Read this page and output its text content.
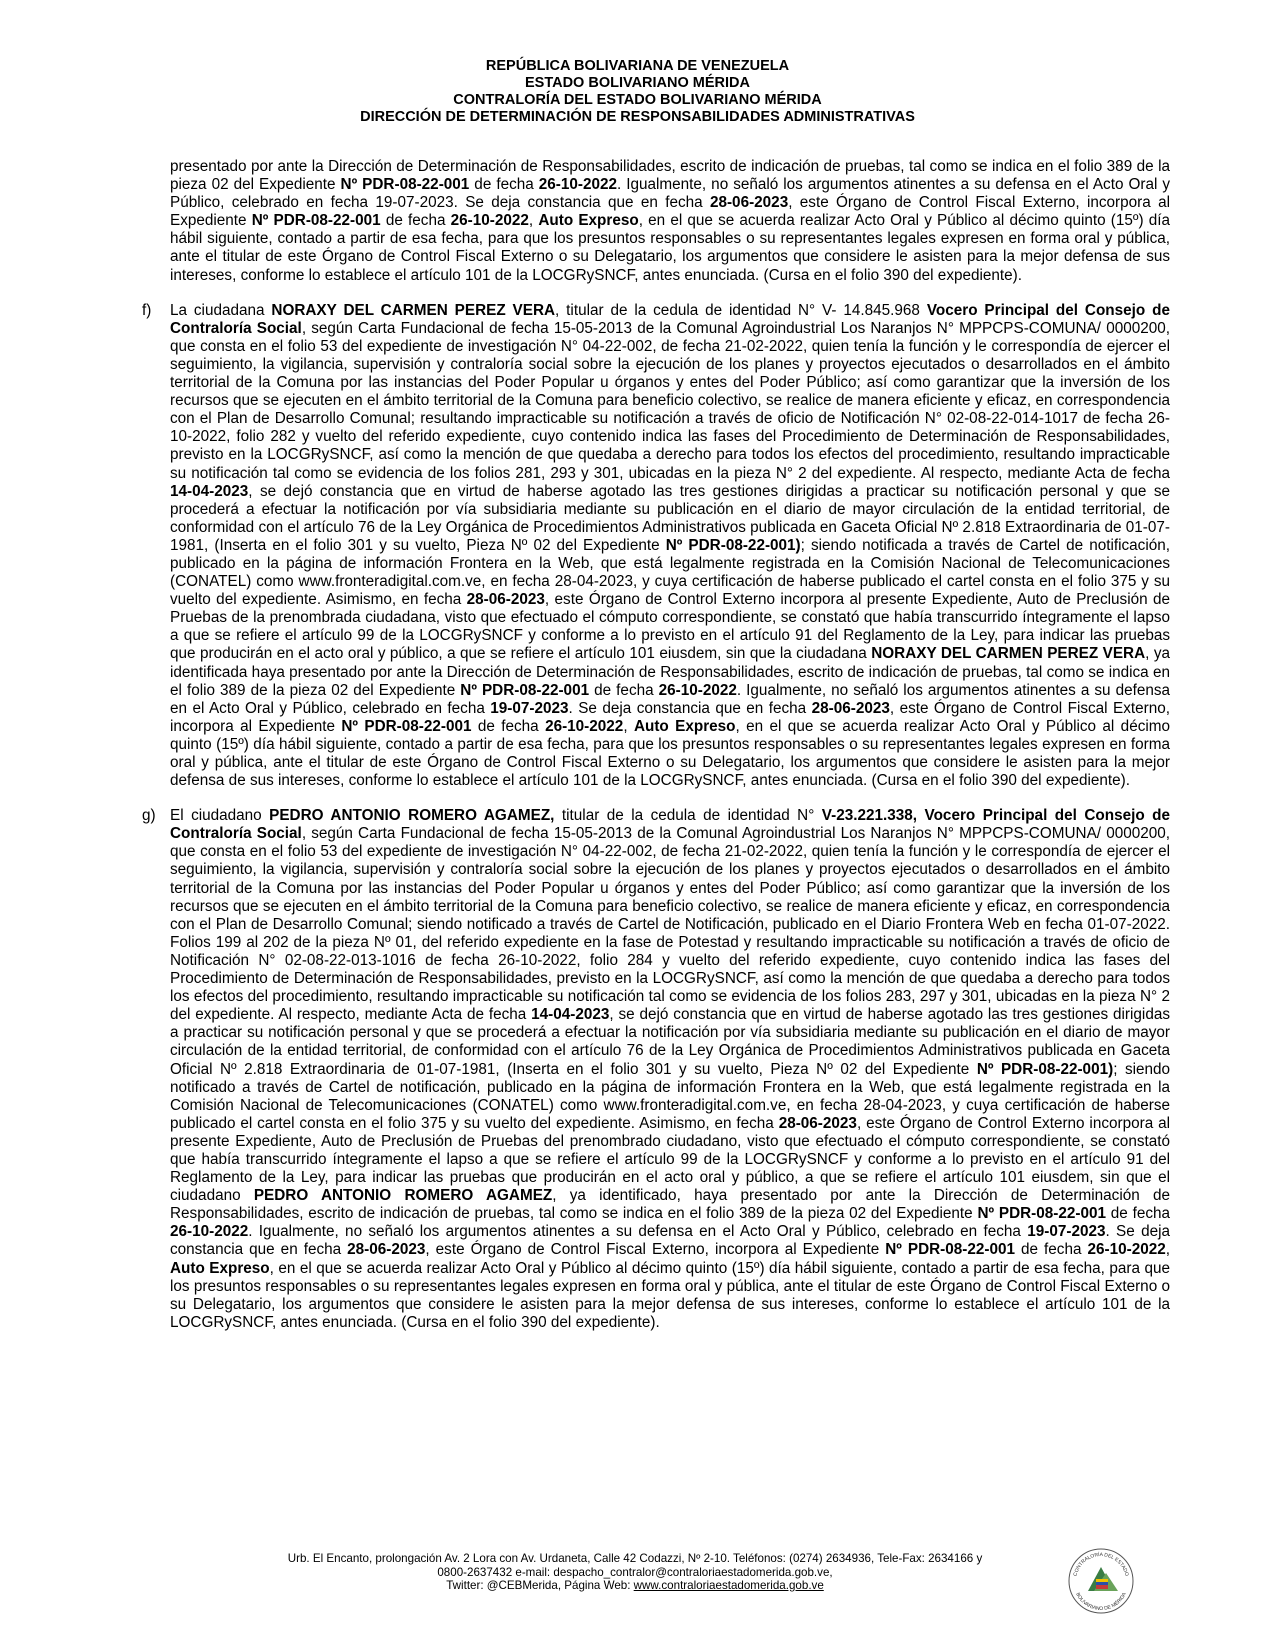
REPÚBLICA BOLIVARIANA DE VENEZUELA
ESTADO BOLIVARIANO MÉRIDA
CONTRALORÍA DEL ESTADO BOLIVARIANO MÉRIDA
DIRECCIÓN DE DETERMINACIÓN DE RESPONSABILIDADES ADMINISTRATIVAS

presentado por ante la Dirección de Determinación de Responsabilidades, escrito de indicación de pruebas, tal como se indica en el folio 389 de la pieza 02 del Expediente Nº PDR-08-22-001 de fecha 26-10-2022. Igualmente, no señaló los argumentos atinentes a su defensa en el Acto Oral y Público, celebrado en fecha 19-07-2023. Se deja constancia que en fecha 28-06-2023, este Órgano de Control Fiscal Externo, incorpora al Expediente Nº PDR-08-22-001 de fecha 26-10-2022, Auto Expreso, en el que se acuerda realizar Acto Oral y Público al décimo quinto (15º) día hábil siguiente, contado a partir de esa fecha, para que los presuntos responsables o su representantes legales expresen en forma oral y pública, ante el titular de este Órgano de Control Fiscal Externo o su Delegatario, los argumentos que considere le asisten para la mejor defensa de sus intereses, conforme lo establece el artículo 101 de la LOCGRySNCF, antes enunciada. (Cursa en el folio 390 del expediente).

f) La ciudadana NORAXY DEL CARMEN PEREZ VERA, titular de la cedula de identidad N° V- 14.845.968 Vocero Principal del Consejo de Contraloría Social, según Carta Fundacional de fecha 15-05-2013 de la Comunal Agroindustrial Los Naranjos N° MPPCPS-COMUNA/ 0000200, que consta en el folio 53 del expediente de investigación N° 04-22-002, de fecha 21-02-2022, quien tenía la función y le correspondía de ejercer el seguimiento, la vigilancia, supervisión y contraloría social sobre la ejecución de los planes y proyectos ejecutados o desarrollados en el ámbito territorial de la Comuna por las instancias del Poder Popular u órganos y entes del Poder Público; así como garantizar que la inversión de los recursos que se ejecuten en el ámbito territorial de la Comuna para beneficio colectivo, se realice de manera eficiente y eficaz, en correspondencia con el Plan de Desarrollo Comunal; resultando impracticable su notificación a través de oficio de Notificación N° 02-08-22-014-1017 de fecha 26-10-2022, folio 282 y vuelto del referido expediente, cuyo contenido indica las fases del Procedimiento de Determinación de Responsabilidades, previsto en la LOCGRySNCF, así como la mención de que quedaba a derecho para todos los efectos del procedimiento, resultando impracticable su notificación tal como se evidencia de los folios 281, 293 y 301, ubicadas en la pieza N° 2 del expediente. Al respecto, mediante Acta de fecha 14-04-2023, se dejó constancia que en virtud de haberse agotado las tres gestiones dirigidas a practicar su notificación personal y que se procederá a efectuar la notificación por vía subsidiaria mediante su publicación en el diario de mayor circulación de la entidad territorial, de conformidad con el artículo 76 de la Ley Orgánica de Procedimientos Administrativos publicada en Gaceta Oficial Nº 2.818 Extraordinaria de 01-07-1981, (Inserta en el folio 301 y su vuelto, Pieza Nº 02 del Expediente Nº PDR-08-22-001); siendo notificada a través de Cartel de notificación, publicado en la página de información Frontera en la Web, que está legalmente registrada en la Comisión Nacional de Telecomunicaciones (CONATEL) como www.fronteradigital.com.ve, en fecha 28-04-2023, y cuya certificación de haberse publicado el cartel consta en el folio 375 y su vuelto del expediente. Asimismo, en fecha 28-06-2023, este Órgano de Control Externo incorpora al presente Expediente, Auto de Preclusión de Pruebas de la prenombrada ciudadana, visto que efectuado el cómputo correspondiente, se constató que había transcurrido íntegramente el lapso a que se refiere el artículo 99 de la LOCGRySNCF y conforme a lo previsto en el artículo 91 del Reglamento de la Ley, para indicar las pruebas que producirán en el acto oral y público, a que se refiere el artículo 101 eiusdem, sin que la ciudadana NORAXY DEL CARMEN PEREZ VERA, ya identificada haya presentado por ante la Dirección de Determinación de Responsabilidades, escrito de indicación de pruebas, tal como se indica en el folio 389 de la pieza 02 del Expediente Nº PDR-08-22-001 de fecha 26-10-2022. Igualmente, no señaló los argumentos atinentes a su defensa en el Acto Oral y Público, celebrado en fecha 19-07-2023. Se deja constancia que en fecha 28-06-2023, este Órgano de Control Fiscal Externo, incorpora al Expediente Nº PDR-08-22-001 de fecha 26-10-2022, Auto Expreso, en el que se acuerda realizar Acto Oral y Público al décimo quinto (15º) día hábil siguiente, contado a partir de esa fecha, para que los presuntos responsables o su representantes legales expresen en forma oral y pública, ante el titular de este Órgano de Control Fiscal Externo o su Delegatario, los argumentos que considere le asisten para la mejor defensa de sus intereses, conforme lo establece el artículo 101 de la LOCGRySNCF, antes enunciada. (Cursa en el folio 390 del expediente).
g) El ciudadano PEDRO ANTONIO ROMERO AGAMEZ, titular de la cedula de identidad N° V-23.221.338, Vocero Principal del Consejo de Contraloría Social, según Carta Fundacional de fecha 15-05-2013 de la Comunal Agroindustrial Los Naranjos N° MPPCPS-COMUNA/ 0000200, que consta en el folio 53 del expediente de investigación N° 04-22-002, de fecha 21-02-2022, quien tenía la función y le correspondía de ejercer el seguimiento, la vigilancia, supervisión y contraloría social sobre la ejecución de los planes y proyectos ejecutados o desarrollados en el ámbito territorial de la Comuna por las instancias del Poder Popular u órganos y entes del Poder Público; así como garantizar que la inversión de los recursos que se ejecuten en el ámbito territorial de la Comuna para beneficio colectivo, se realice de manera eficiente y eficaz, en correspondencia con el Plan de Desarrollo Comunal; siendo notificado a través de Cartel de Notificación, publicado en el Diario Frontera Web en fecha 01-07-2022. Folios 199 al 202 de la pieza Nº 01, del referido expediente en la fase de Potestad y resultando impracticable su notificación a través de oficio de Notificación N° 02-08-22-013-1016 de fecha 26-10-2022, folio 284 y vuelto del referido expediente, cuyo contenido indica las fases del Procedimiento de Determinación de Responsabilidades, previsto en la LOCGRySNCF, así como la mención de que quedaba a derecho para todos los efectos del procedimiento, resultando impracticable su notificación tal como se evidencia de los folios 283, 297 y 301, ubicadas en la pieza N° 2 del expediente. Al respecto, mediante Acta de fecha 14-04-2023, se dejó constancia que en virtud de haberse agotado las tres gestiones dirigidas a practicar su notificación personal y que se procederá a efectuar la notificación por vía subsidiaria mediante su publicación en el diario de mayor circulación de la entidad territorial, de conformidad con el artículo 76 de la Ley Orgánica de Procedimientos Administrativos publicada en Gaceta Oficial Nº 2.818 Extraordinaria de 01-07-1981, (Inserta en el folio 301 y su vuelto, Pieza Nº 02 del Expediente Nº PDR-08-22-001); siendo notificado a través de Cartel de notificación, publicado en la página de información Frontera en la Web, que está legalmente registrada en la Comisión Nacional de Telecomunicaciones (CONATEL) como www.fronteradigital.com.ve, en fecha 28-04-2023, y cuya certificación de haberse publicado el cartel consta en el folio 375 y su vuelto del expediente. Asimismo, en fecha 28-06-2023, este Órgano de Control Externo incorpora al presente Expediente, Auto de Preclusión de Pruebas del prenombrado ciudadano, visto que efectuado el cómputo correspondiente, se constató que había transcurrido íntegramente el lapso a que se refiere el artículo 99 de la LOCGRySNCF y conforme a lo previsto en el artículo 91 del Reglamento de la Ley, para indicar las pruebas que producirán en el acto oral y público, a que se refiere el artículo 101 eiusdem, sin que el ciudadano PEDRO ANTONIO ROMERO AGAMEZ, ya identificado, haya presentado por ante la Dirección de Determinación de Responsabilidades, escrito de indicación de pruebas, tal como se indica en el folio 389 de la pieza 02 del Expediente Nº PDR-08-22-001 de fecha 26-10-2022. Igualmente, no señaló los argumentos atinentes a su defensa en el Acto Oral y Público, celebrado en fecha 19-07-2023. Se deja constancia que en fecha 28-06-2023, este Órgano de Control Fiscal Externo, incorpora al Expediente Nº PDR-08-22-001 de fecha 26-10-2022, Auto Expreso, en el que se acuerda realizar Acto Oral y Público al décimo quinto (15º) día hábil siguiente, contado a partir de esa fecha, para que los presuntos responsables o su representantes legales expresen en forma oral y pública, ante el titular de este Órgano de Control Fiscal Externo o su Delegatario, los argumentos que considere le asisten para la mejor defensa de sus intereses, conforme lo establece el artículo 101 de la LOCGRySNCF, antes enunciada. (Cursa en el folio 390 del expediente).
Urb. El Encanto, prolongación Av. 2 Lora con Av. Urdaneta, Calle 42 Codazzi, Nº 2-10. Teléfonos: (0274) 2634936, Tele-Fax: 2634166 y
0800-2637432 e-mail: despacho_contralor@contraloriaestadomerida.gob.ve,
Twitter: @CEBMerida, Página Web: www.contraloriaestadomerida.gob.ve
CONTRALORÍA DEL ESTADO
BOLIVARIANO DE MÉRIDA
